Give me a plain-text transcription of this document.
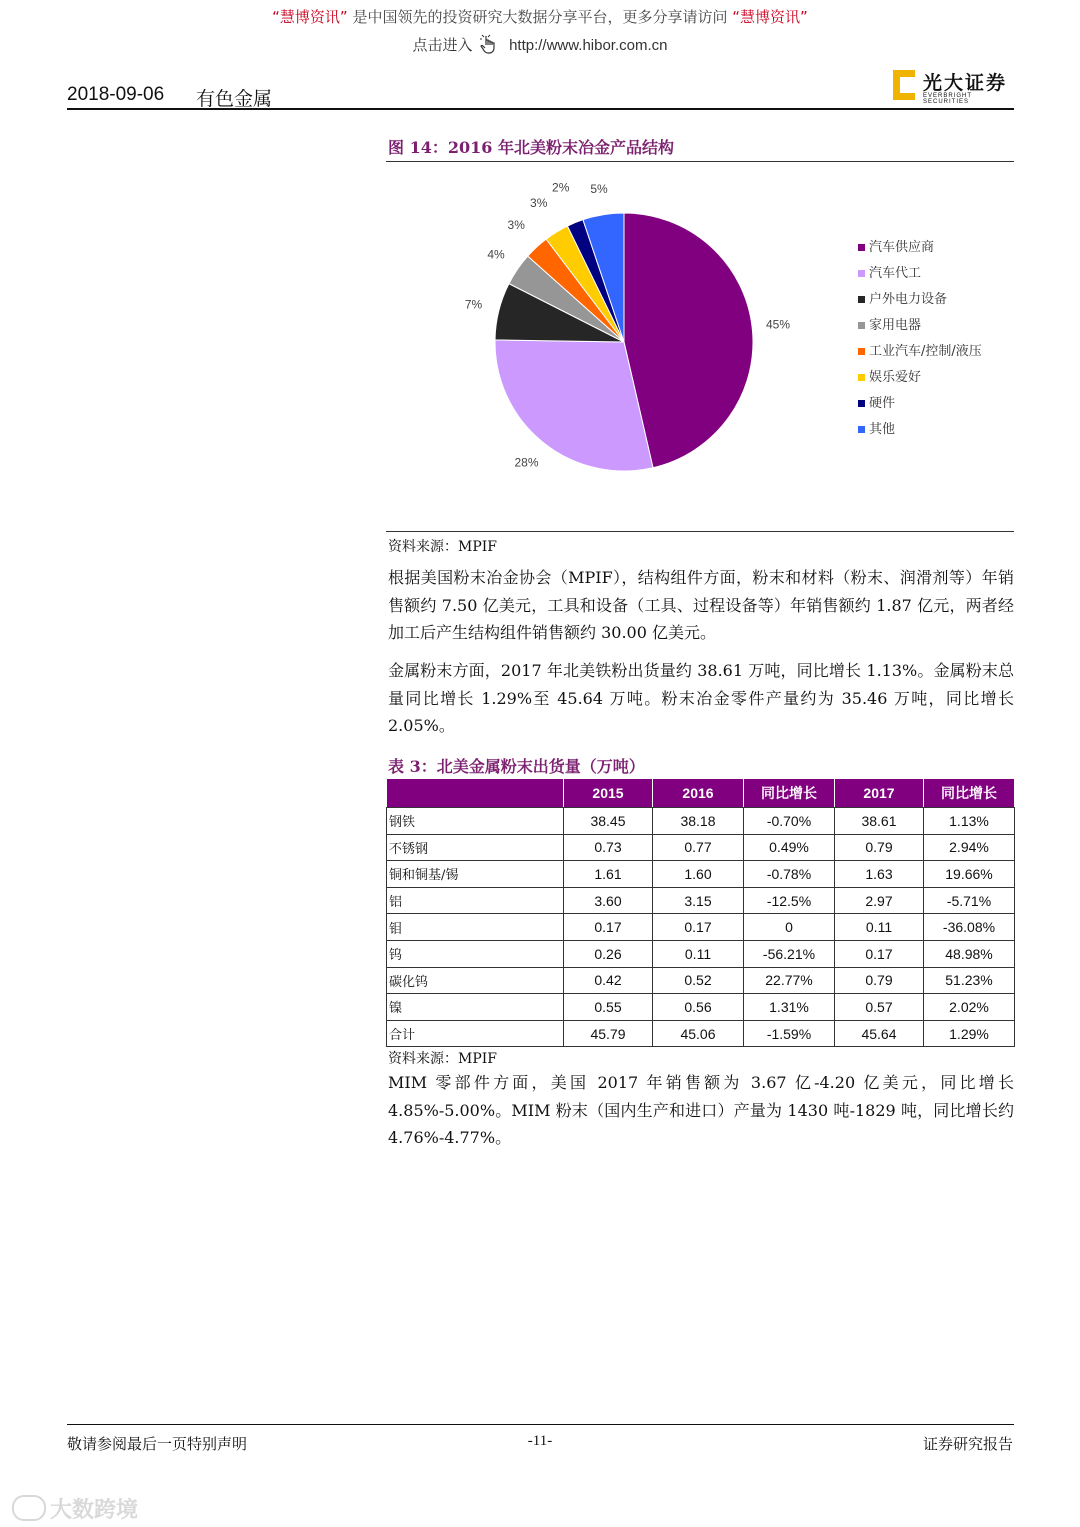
“慧博资讯” 是中国领先的投资研究大数据分享平台，更多分享请访问 “慧博资讯”
点击进入 http://www.hibor.com.cn
2018-09-06 有色金属
光大证券
EVERBRIGHT SECURITIES
图 14：2016 年北美粉末冶金产品结构
45%
28%
7%
4%
3%
3%
2% 5%
汽车供应商
汽车代工
户外电力设备
家用电器
工业汽车/控制/液压
娱乐爱好
硬件
其他
资料来源：MPIF
根据美国粉末冶金协会（MPIF），结构组件方面，粉末和材料（粉末、润滑剂等）年销售额约 7.50 亿美元，工具和设备（工具、过程设备等）年销售额约 1.87 亿元，两者经加工后产生结构组件销售额约 30.00 亿美元。
金属粉末方面，2017 年北美铁粉出货量约 38.61 万吨，同比增长 1.13%。金属粉末总量同比增长 1.29%至 45.64 万吨。粉末冶金零件产量约为 35.46 万吨，同比增长 2.05%。
表 3：北美金属粉末出货量（万吨）
	2015	2016	同比增长	2017	同比增长
钢铁	38.45	38.18	-0.70%	38.61	1.13%
不锈钢	0.73	0.77	0.49%	0.79	2.94%
铜和铜基/锡	1.61	1.60	-0.78%	1.63	19.66%
铝	3.60	3.15	-12.5%	2.97	-5.71%
钼	0.17	0.17	0	0.11	-36.08%
钨	0.26	0.11	-56.21%	0.17	48.98%
碳化钨	0.42	0.52	22.77%	0.79	51.23%
镍	0.55	0.56	1.31%	0.57	2.02%
合计	45.79	45.06	-1.59%	45.64	1.29%
资料来源：MPIF
MIM 零部件方面，美国 2017 年销售额为 3.67 亿-4.20 亿美元，同比增长 4.85%-5.00%。MIM 粉末（国内生产和进口）产量为 1430 吨-1829 吨，同比增长约 4.76%-4.77%。
敬请参阅最后一页特别声明	-11-	证券研究报告
大数跨境
